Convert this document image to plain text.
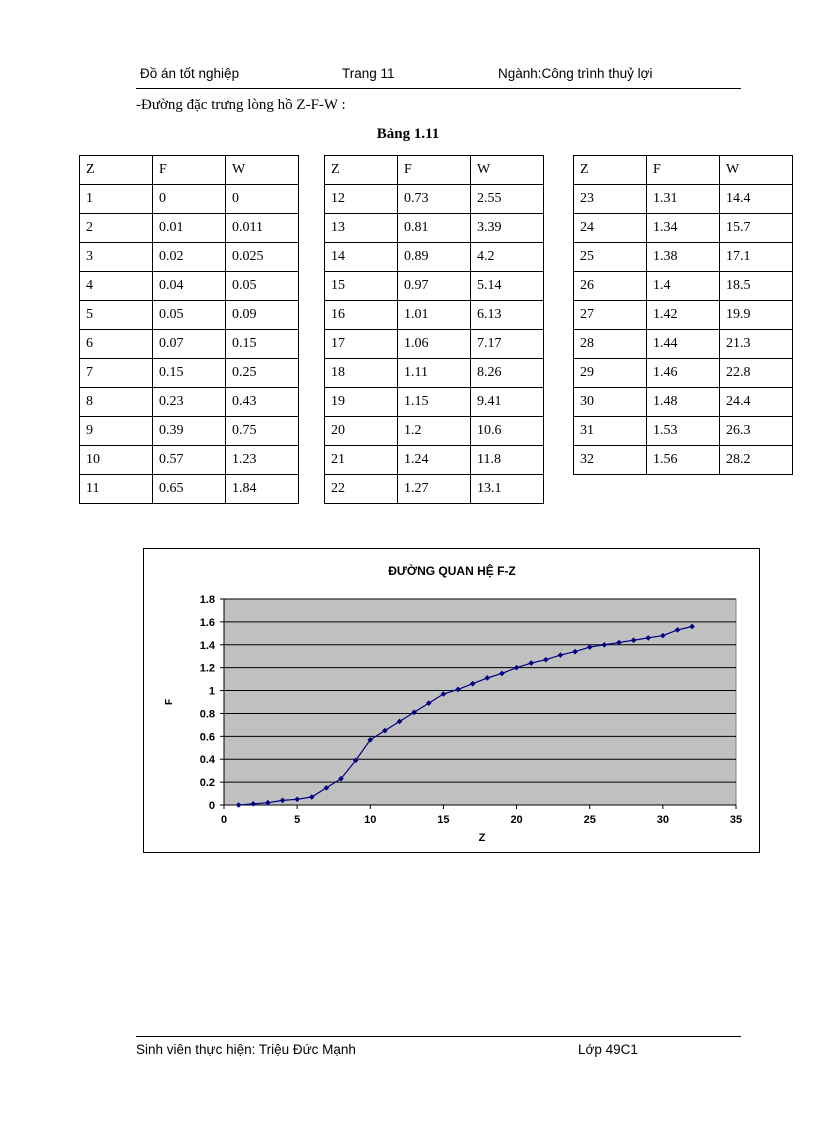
Đồ án tốt nghiệp	Trang 11	Ngành:Công trình thuỷ lợi
-Đường đặc trưng lòng hồ Z-F-W :
Bảng 1.11
Z	F	W
1	0	0
2	0.01	0.011
3	0.02	0.025
4	0.04	0.05
5	0.05	0.09
6	0.07	0.15
7	0.15	0.25
8	0.23	0.43
9	0.39	0.75
10	0.57	1.23
11	0.65	1.84
Z	F	W
12	0.73	2.55
13	0.81	3.39
14	0.89	4.2
15	0.97	5.14
16	1.01	6.13
17	1.06	7.17
18	1.11	8.26
19	1.15	9.41
20	1.2	10.6
21	1.24	11.8
22	1.27	13.1
Z	F	W
23	1.31	14.4
24	1.34	15.7
25	1.38	17.1
26	1.4	18.5
27	1.42	19.9
28	1.44	21.3
29	1.46	22.8
30	1.48	24.4
31	1.53	26.3
32	1.56	28.2
0
0.2
0.4
0.6
0.8
1
1.2
1.4
1.6
1.8
0	5	10	15	20	25	30	35
ĐƯỜNG QUAN HỆ F-Z
Z
F
Sinh viên thực hiện: Triệu Đức Mạnh	Lớp 49C1
